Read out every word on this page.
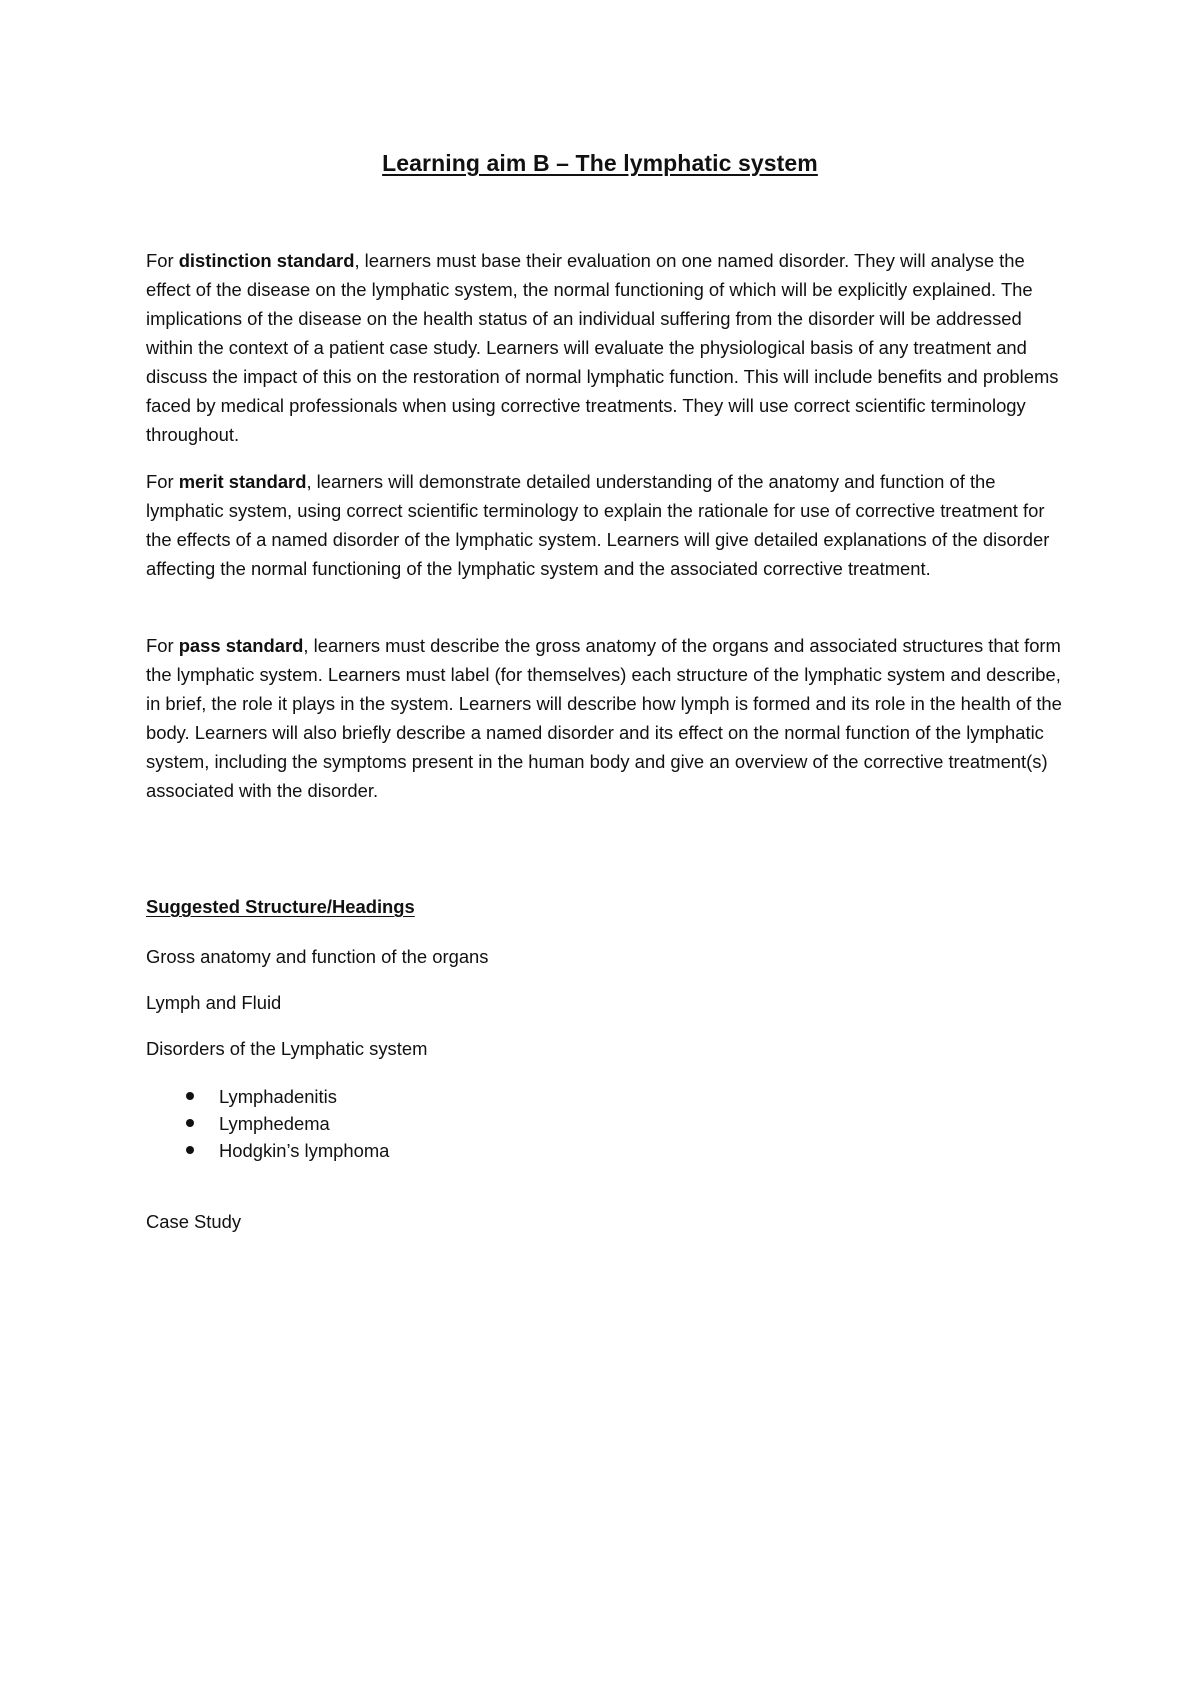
Learning aim B – The lymphatic system

For distinction standard, learners must base their evaluation on one named disorder. They will analyse the effect of the disease on the lymphatic system, the normal functioning of which will be explicitly explained. The implications of the disease on the health status of an individual suffering from the disorder will be addressed within the context of a patient case study. Learners will evaluate the physiological basis of any treatment and discuss the impact of this on the restoration of normal lymphatic function. This will include benefits and problems faced by medical professionals when using corrective treatments. They will use correct scientific terminology throughout.

For merit standard, learners will demonstrate detailed understanding of the anatomy and function of the lymphatic system, using correct scientific terminology to explain the rationale for use of corrective treatment for the effects of a named disorder of the lymphatic system. Learners will give detailed explanations of the disorder affecting the normal functioning of the lymphatic system and the associated corrective treatment.

For pass standard, learners must describe the gross anatomy of the organs and associated structures that form the lymphatic system. Learners must label (for themselves) each structure of the lymphatic system and describe, in brief, the role it plays in the system. Learners will describe how lymph is formed and its role in the health of the body. Learners will also briefly describe a named disorder and its effect on the normal function of the lymphatic system, including the symptoms present in the human body and give an overview of the corrective treatment(s) associated with the disorder.

Suggested Structure/Headings
Gross anatomy and function of the organs
Lymph and Fluid
Disorders of the Lymphatic system
Lymphadenitis
Lymphedema
Hodgkin’s lymphoma
Case Study
